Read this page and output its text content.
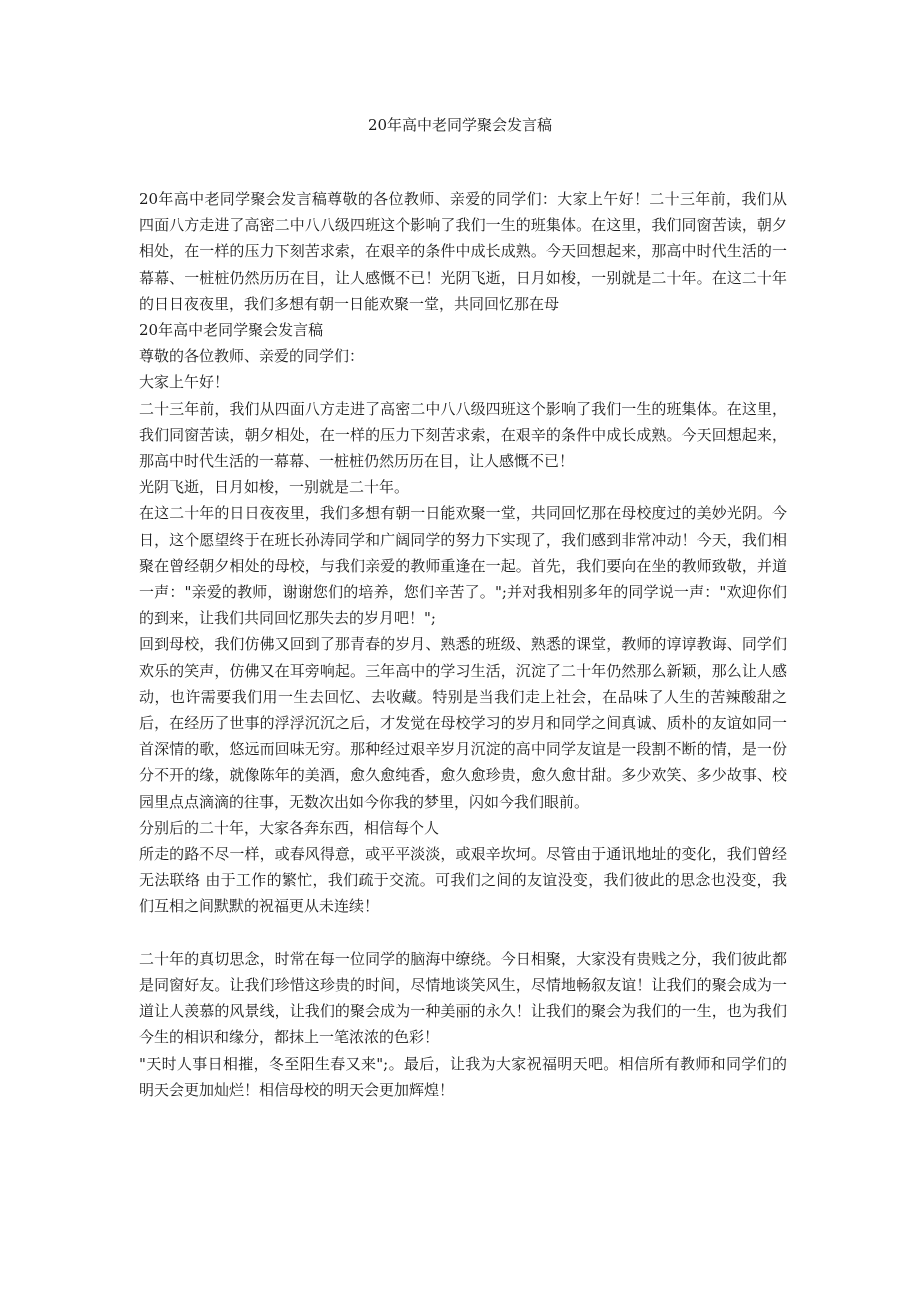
20年高中老同学聚会发言稿

20年高中老同学聚会发言稿尊敬的各位教师、亲爱的同学们：大家上午好！二十三年前，我们从四面八方走进了高密二中八八级四班这个影响了我们一生的班集体。在这里，我们同窗苦读，朝夕相处，在一样的压力下刻苦求索，在艰辛的条件中成长成熟。今天回想起来，那高中时代生活的一幕幕、一桩桩仍然历历在目，让人感慨不已！光阴飞逝，日月如梭，一别就是二十年。在这二十年的日日夜夜里，我们多想有朝一日能欢聚一堂，共同回忆那在母

20年高中老同学聚会发言稿

尊敬的各位教师、亲爱的同学们：

大家上午好！

二十三年前，我们从四面八方走进了高密二中八八级四班这个影响了我们一生的班集体。在这里，我们同窗苦读，朝夕相处，在一样的压力下刻苦求索，在艰辛的条件中成长成熟。今天回想起来，那高中时代生活的一幕幕、一桩桩仍然历历在目，让人感慨不已！

光阴飞逝，日月如梭，一别就是二十年。

在这二十年的日日夜夜里，我们多想有朝一日能欢聚一堂，共同回忆那在母校度过的美妙光阴。今日，这个愿望终于在班长孙涛同学和广阔同学的努力下实现了，我们感到非常冲动！今天，我们相聚在曾经朝夕相处的母校，与我们亲爱的教师重逢在一起。首先，我们要向在坐的教师致敬，并道一声："亲爱的教师，谢谢您们的培养，您们辛苦了。";并对我相别多年的同学说一声："欢迎你们的到来，让我们共同回忆那失去的岁月吧！";

回到母校，我们仿佛又回到了那青春的岁月、熟悉的班级、熟悉的课堂，教师的谆谆教诲、同学们欢乐的笑声，仿佛又在耳旁响起。三年高中的学习生活，沉淀了二十年仍然那么新颖，那么让人感动，也许需要我们用一生去回忆、去收藏。特别是当我们走上社会，在品味了人生的苦辣酸甜之后，在经历了世事的浮浮沉沉之后，才发觉在母校学习的岁月和同学之间真诚、质朴的友谊如同一首深情的歌，悠远而回味无穷。那种经过艰辛岁月沉淀的高中同学友谊是一段割不断的情，是一份分不开的缘，就像陈年的美酒，愈久愈纯香，愈久愈珍贵，愈久愈甘甜。多少欢笑、多少故事、校园里点点滴滴的往事，无数次出如今你我的梦里，闪如今我们眼前。

分别后的二十年，大家各奔东西，相信每个人

所走的路不尽一样，或春风得意，或平平淡淡，或艰辛坎坷。尽管由于通讯地址的变化，我们曾经无法联络 由于工作的繁忙，我们疏于交流。可我们之间的友谊没变，我们彼此的思念也没变，我们互相之间默默的祝福更从未连续！

二十年的真切思念，时常在每一位同学的脑海中缭绕。今日相聚，大家没有贵贱之分，我们彼此都是同窗好友。让我们珍惜这珍贵的时间，尽情地谈笑风生，尽情地畅叙友谊！让我们的聚会成为一道让人羡慕的风景线，让我们的聚会成为一种美丽的永久！让我们的聚会为我们的一生，也为我们今生的相识和缘分，都抹上一笔浓浓的色彩！

"天时人事日相摧，冬至阳生春又来";。最后，让我为大家祝福明天吧。相信所有教师和同学们的明天会更加灿烂！相信母校的明天会更加辉煌！
